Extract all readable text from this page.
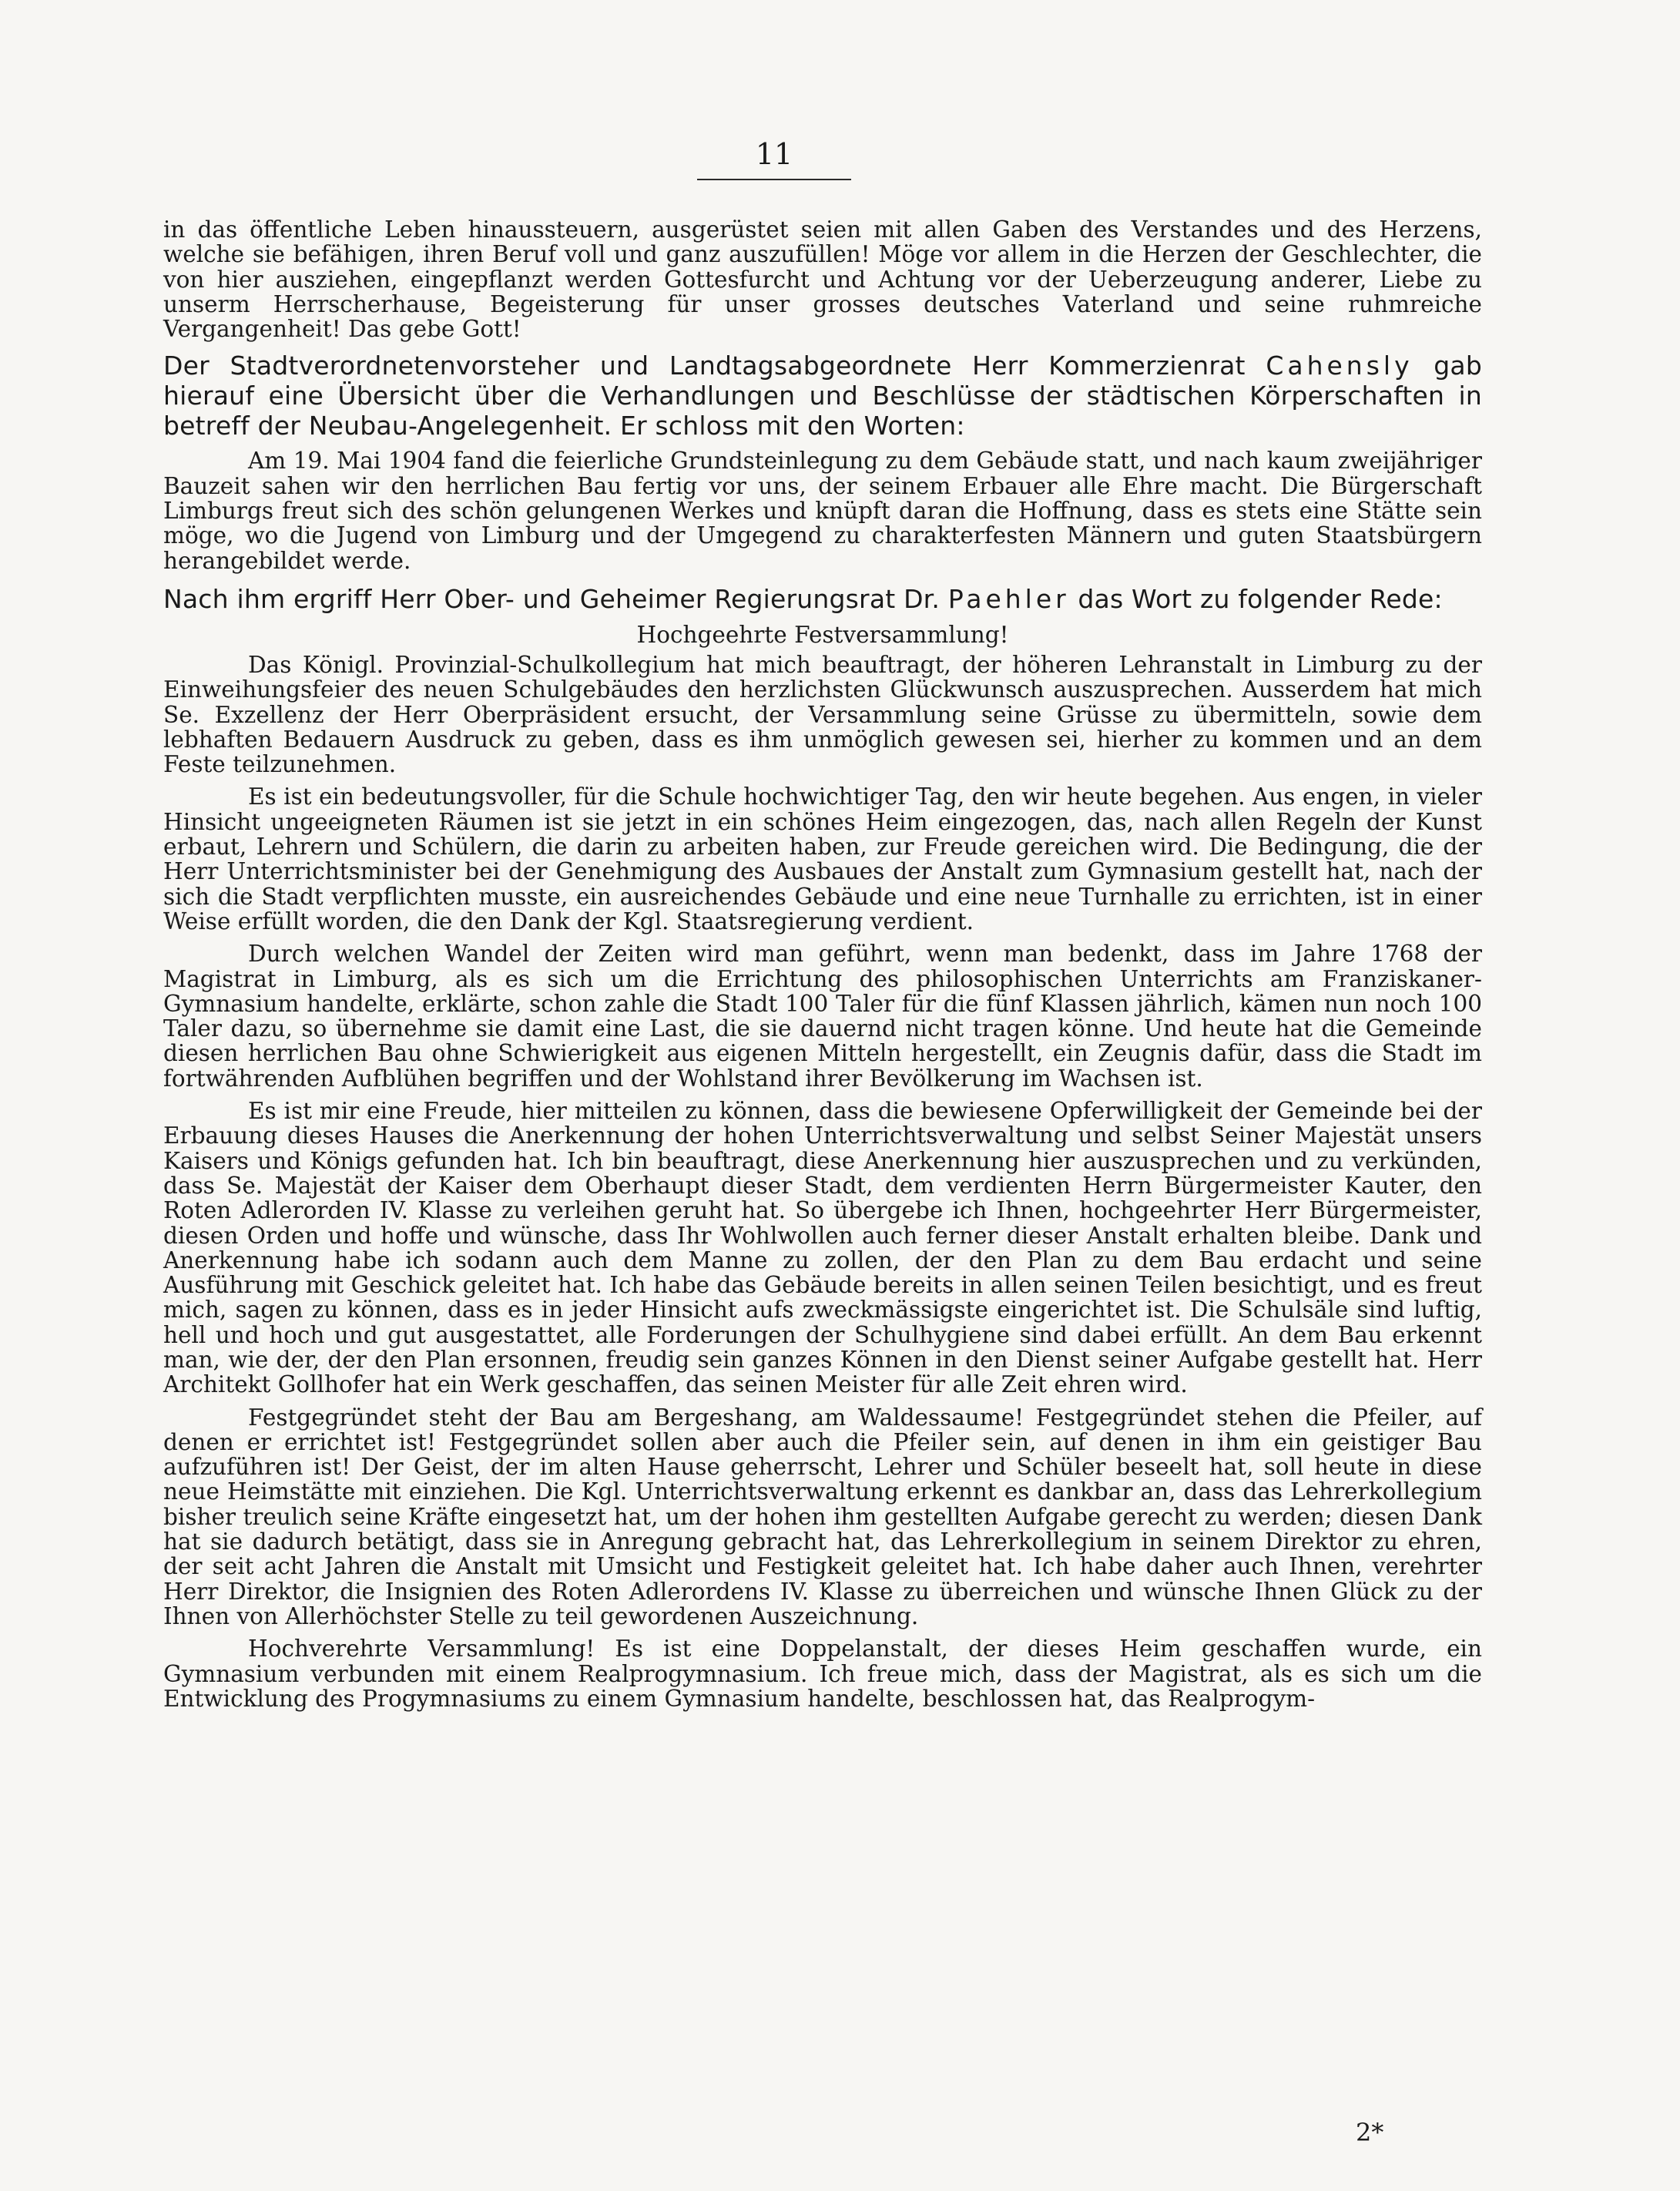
11

in das öffentliche Leben hinaussteuern, ausgerüstet seien mit allen Gaben des Verstandes und des Herzens, welche sie befähigen, ihren Beruf voll und ganz auszufüllen! Möge vor allem in die Herzen der Geschlechter, die von hier ausziehen, eingepflanzt werden Gottesfurcht und Achtung vor der Ueberzeugung anderer, Liebe zu unserm Herrscherhause, Begeisterung für unser grosses deutsches Vaterland und seine ruhmreiche Vergangenheit! Das gebe Gott!

Der Stadtverordnetenvorsteher und Landtagsabgeordnete Herr Kommerzienrat Cahensly gab hierauf eine Übersicht über die Verhandlungen und Beschlüsse der städtischen Körperschaften in betreff der Neubau-Angelegenheit. Er schloss mit den Worten:

Am 19. Mai 1904 fand die feierliche Grundsteinlegung zu dem Gebäude statt, und nach kaum zweijähriger Bauzeit sahen wir den herrlichen Bau fertig vor uns, der seinem Erbauer alle Ehre macht. Die Bürgerschaft Limburgs freut sich des schön gelungenen Werkes und knüpft daran die Hoffnung, dass es stets eine Stätte sein möge, wo die Jugend von Limburg und der Umgegend zu charakterfesten Männern und guten Staatsbürgern herangebildet werde.

Nach ihm ergriff Herr Ober- und Geheimer Regierungsrat Dr. Paehler das Wort zu folgender Rede:
Hochgeehrte Festversammlung!

Das Königl. Provinzial-Schulkollegium hat mich beauftragt, der höheren Lehranstalt in Limburg zu der Einweihungsfeier des neuen Schulgebäudes den herzlichsten Glückwunsch auszusprechen. Ausserdem hat mich Se. Exzellenz der Herr Oberpräsident ersucht, der Versammlung seine Grüsse zu übermitteln, sowie dem lebhaften Bedauern Ausdruck zu geben, dass es ihm unmöglich gewesen sei, hierher zu kommen und an dem Feste teilzunehmen.

Es ist ein bedeutungsvoller, für die Schule hochwichtiger Tag, den wir heute begehen. Aus engen, in vieler Hinsicht ungeeigneten Räumen ist sie jetzt in ein schönes Heim eingezogen, das, nach allen Regeln der Kunst erbaut, Lehrern und Schülern, die darin zu arbeiten haben, zur Freude gereichen wird. Die Bedingung, die der Herr Unterrichtsminister bei der Genehmigung des Ausbaues der Anstalt zum Gymnasium gestellt hat, nach der sich die Stadt verpflichten musste, ein ausreichendes Gebäude und eine neue Turnhalle zu errichten, ist in einer Weise erfüllt worden, die den Dank der Kgl. Staatsregierung verdient.

Durch welchen Wandel der Zeiten wird man geführt, wenn man bedenkt, dass im Jahre 1768 der Magistrat in Limburg, als es sich um die Errichtung des philosophischen Unterrichts am Franziskaner-Gymnasium handelte, erklärte, schon zahle die Stadt 100 Taler für die fünf Klassen jährlich, kämen nun noch 100 Taler dazu, so übernehme sie damit eine Last, die sie dauernd nicht tragen könne. Und heute hat die Gemeinde diesen herrlichen Bau ohne Schwierigkeit aus eigenen Mitteln hergestellt, ein Zeugnis dafür, dass die Stadt im fortwährenden Aufblühen begriffen und der Wohlstand ihrer Bevölkerung im Wachsen ist.

Es ist mir eine Freude, hier mitteilen zu können, dass die bewiesene Opferwilligkeit der Gemeinde bei der Erbauung dieses Hauses die Anerkennung der hohen Unterrichtsverwaltung und selbst Seiner Majestät unsers Kaisers und Königs gefunden hat. Ich bin beauftragt, diese Anerkennung hier auszusprechen und zu verkünden, dass Se. Majestät der Kaiser dem Oberhaupt dieser Stadt, dem verdienten Herrn Bürgermeister Kauter, den Roten Adlerorden IV. Klasse zu verleihen geruht hat. So übergebe ich Ihnen, hochgeehrter Herr Bürgermeister, diesen Orden und hoffe und wünsche, dass Ihr Wohlwollen auch ferner dieser Anstalt erhalten bleibe. Dank und Anerkennung habe ich sodann auch dem Manne zu zollen, der den Plan zu dem Bau erdacht und seine Ausführung mit Geschick geleitet hat. Ich habe das Gebäude bereits in allen seinen Teilen besichtigt, und es freut mich, sagen zu können, dass es in jeder Hinsicht aufs zweckmässigste eingerichtet ist. Die Schulsäle sind luftig, hell und hoch und gut ausgestattet, alle Forderungen der Schulhygiene sind dabei erfüllt. An dem Bau erkennt man, wie der, der den Plan ersonnen, freudig sein ganzes Können in den Dienst seiner Aufgabe gestellt hat. Herr Architekt Gollhofer hat ein Werk geschaffen, das seinen Meister für alle Zeit ehren wird.

Festgegründet steht der Bau am Bergeshang, am Waldessaume! Festgegründet stehen die Pfeiler, auf denen er errichtet ist! Festgegründet sollen aber auch die Pfeiler sein, auf denen in ihm ein geistiger Bau aufzuführen ist! Der Geist, der im alten Hause geherrscht, Lehrer und Schüler beseelt hat, soll heute in diese neue Heimstätte mit einziehen. Die Kgl. Unterrichtsverwaltung erkennt es dankbar an, dass das Lehrerkollegium bisher treulich seine Kräfte eingesetzt hat, um der hohen ihm gestellten Aufgabe gerecht zu werden; diesen Dank hat sie dadurch betätigt, dass sie in Anregung gebracht hat, das Lehrerkollegium in seinem Direktor zu ehren, der seit acht Jahren die Anstalt mit Umsicht und Festigkeit geleitet hat. Ich habe daher auch Ihnen, verehrter Herr Direktor, die Insignien des Roten Adlerordens IV. Klasse zu überreichen und wünsche Ihnen Glück zu der Ihnen von Allerhöchster Stelle zu teil gewordenen Auszeichnung.

Hochverehrte Versammlung! Es ist eine Doppelanstalt, der dieses Heim geschaffen wurde, ein Gymnasium verbunden mit einem Realprogymnasium. Ich freue mich, dass der Magistrat, als es sich um die Entwicklung des Progymnasiums zu einem Gymnasium handelte, beschlossen hat, das Realprogym-

2*
